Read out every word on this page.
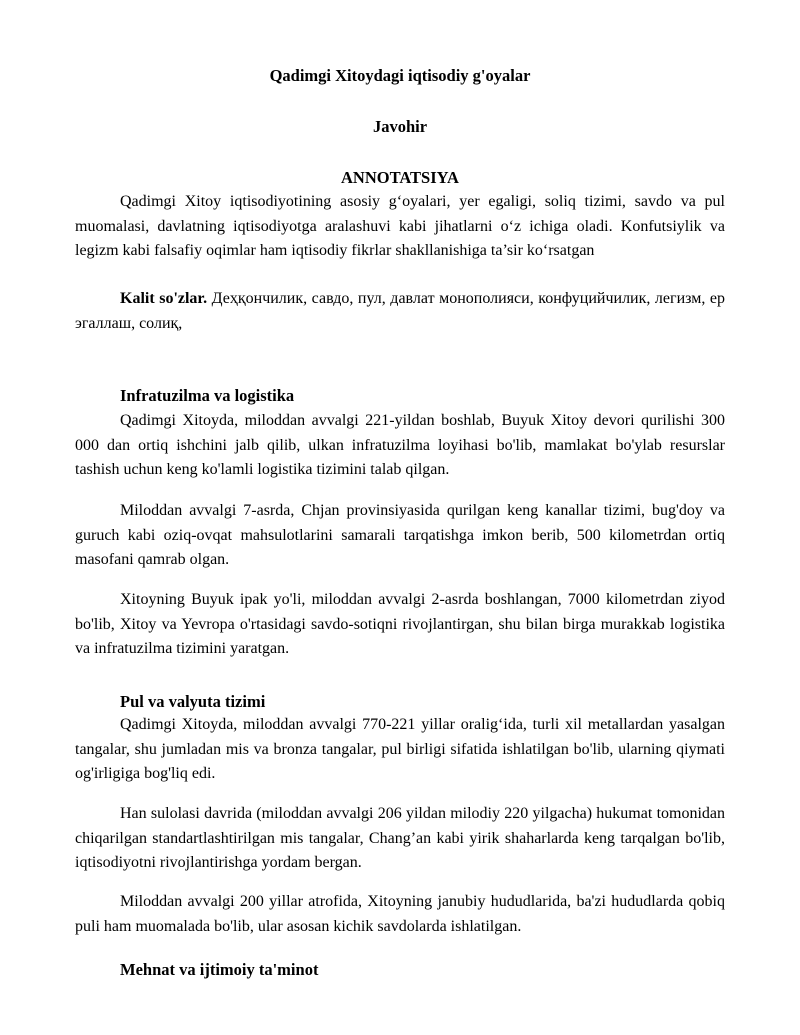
Qadimgi Xitoydagi iqtisodiy g'oyalar

Javohir

ANNOTATSIYA

Qadimgi Xitoy iqtisodiyotining asosiy g‘oyalari, yer egaligi, soliq tizimi, savdo va pul muomalasi, davlatning iqtisodiyotga aralashuvi kabi jihatlarni o‘z ichiga oladi. Konfutsiylik va legizm kabi falsafiy oqimlar ham iqtisodiy fikrlar shakllanishiga ta’sir ko‘rsatgan

Kalit so'zlar. Деҳқончилик, савдо, пул, давлат монополияси, конфуцийчилик, легизм, ер эгаллаш, солиқ,

Infratuzilma va logistika

Qadimgi Xitoyda, miloddan avvalgi 221-yildan boshlab, Buyuk Xitoy devori qurilishi 300 000 dan ortiq ishchini jalb qilib, ulkan infratuzilma loyihasi bo'lib, mamlakat bo'ylab resurslar tashish uchun keng ko'lamli logistika tizimini talab qilgan.

Miloddan avvalgi 7-asrda, Chjan provinsiyasida qurilgan keng kanallar tizimi, bug'doy va guruch kabi oziq-ovqat mahsulotlarini samarali tarqatishga imkon berib, 500 kilometrdan ortiq masofani qamrab olgan.

Xitoyning Buyuk ipak yo'li, miloddan avvalgi 2-asrda boshlangan, 7000 kilometrdan ziyod bo'lib, Xitoy va Yevropa o'rtasidagi savdo-sotiqni rivojlantirgan, shu bilan birga murakkab logistika va infratuzilma tizimini yaratgan.

Pul va valyuta tizimi

Qadimgi Xitoyda, miloddan avvalgi 770-221 yillar oralig‘ida, turli xil metallardan yasalgan tangalar, shu jumladan mis va bronza tangalar, pul birligi sifatida ishlatilgan bo'lib, ularning qiymati og'irligiga bog'liq edi.

Han sulolasi davrida (miloddan avvalgi 206 yildan milodiy 220 yilgacha) hukumat tomonidan chiqarilgan standartlashtirilgan mis tangalar, Chang’an kabi yirik shaharlarda keng tarqalgan bo'lib, iqtisodiyotni rivojlantirishga yordam bergan.

Miloddan avvalgi 200 yillar atrofida, Xitoyning janubiy hududlarida, ba'zi hududlarda qobiq puli ham muomalada bo'lib, ular asosan kichik savdolarda ishlatilgan.

Mehnat va ijtimoiy ta'minot
